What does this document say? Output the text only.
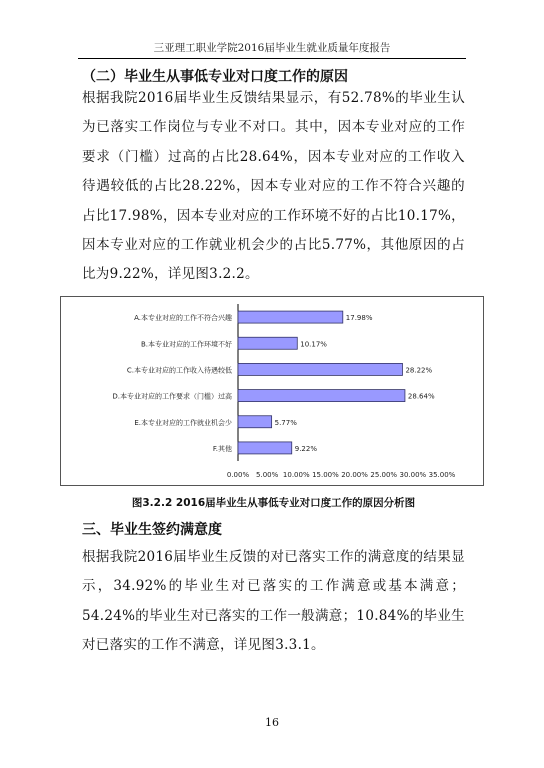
三亚理工职业学院2016届毕业生就业质量年度报告
（二）毕业生从事低专业对口度工作的原因

根据我院2016届毕业生反馈结果显示，有52.78%的毕业生认为已落实工作岗位与专业不对口。其中，因本专业对应的工作要求（门槛）过高的占比28.64%，因本专业对应的工作收入待遇较低的占比28.22%，因本专业对应的工作不符合兴趣的占比17.98%，因本专业对应的工作环境不好的占比10.17%，因本专业对应的工作就业机会少的占比5.77%，其他原因的占比为9.22%，详见图3.2.2。

A.本专业对应的工作不符合兴趣	17.98%
B.本专业对应的工作环境不好	10.17%
C.本专业对应的工作收入待遇较低	28.22%
D.本专业对应的工作要求（门槛）过高	28.64%
E.本专业对应的工作就业机会少	5.77%
F.其他	9.22%
0.00% 5.00% 10.00% 15.00% 20.00% 25.00% 30.00% 35.00%
图3.2.2 2016届毕业生从事低专业对口度工作的原因分析图
三、毕业生签约满意度

根据我院2016届毕业生反馈的对已落实工作的满意度的结果显示，34.92%的毕业生对已落实的工作满意或基本满意；54.24%的毕业生对已落实的工作一般满意；10.84%的毕业生对已落实的工作不满意，详见图3.3.1。

16
